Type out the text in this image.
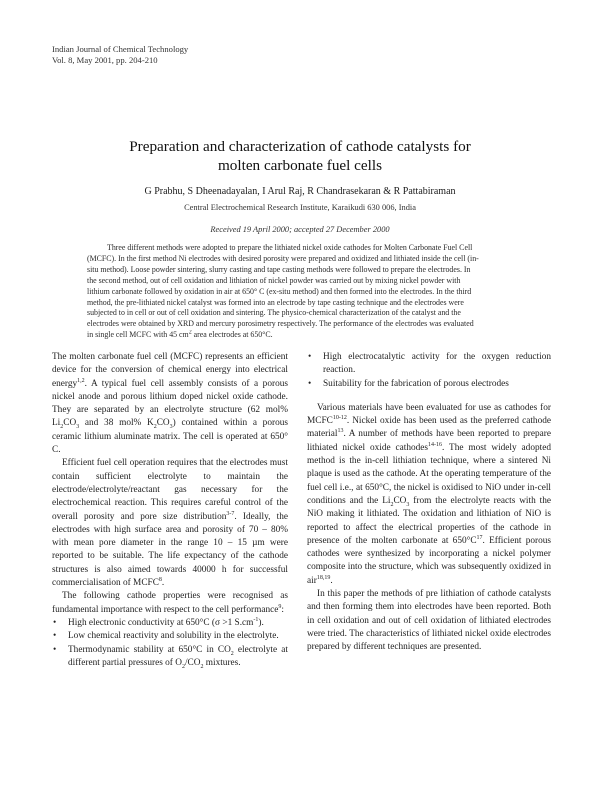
Indian Journal of Chemical Technology
Vol. 8, May 2001, pp. 204-210
Preparation and characterization of cathode catalysts for
molten carbonate fuel cells
G Prabhu, S Dheenadayalan, I Arul Raj, R Chandrasekaran & R Pattabiraman
Central Electrochemical Research Institute, Karaikudi 630 006, India
Received 19 April 2000; accepted 27 December 2000
Three different methods were adopted to prepare the lithiated nickel oxide cathodes for Molten Carbonate Fuel Cell
(MCFC). In the first method Ni electrodes with desired porosity were prepared and oxidized and lithiated inside the cell (in-
situ method). Loose powder sintering, slurry casting and tape casting methods were followed to prepare the electrodes. In
the second method, out of cell oxidation and lithiation of nickel powder was carried out by mixing nickel powder with
lithium carbonate followed by oxidation in air at 650° C (ex-situ method) and then formed into the electrodes. In the third
method, the pre-lithiated nickel catalyst was formed into an electrode by tape casting technique and the electrodes were
subjected to in cell or out of cell oxidation and sintering. The physico-chemical characterization of the catalyst and the
electrodes were obtained by XRD and mercury porosimetry respectively. The performance of the electrodes was evaluated
in single cell MCFC with 45 $cm^2$ area electrodes at 650°C.

The molten carbonate fuel cell (MCFC) represents an efficient device for the conversion of chemical energy into electrical energy$^{1,2}$. A typical fuel cell assembly consists of a porous nickel anode and porous lithium doped nickel oxide cathode. They are separated by an electrolyte structure (62 mol% $Li_2CO_3$ and 38 mol% $K_2CO_3$) contained within a porous ceramic lithium aluminate matrix. The cell is operated at 650° C.

Efficient fuel cell operation requires that the electrodes must contain sufficient electrolyte to maintain the electrode/electrolyte/reactant gas necessary for the electrochemical reaction. This requires careful control of the overall porosity and pore size distribution$^{3-7}$. Ideally, the electrodes with high surface area and porosity of 70 – 80% with mean pore diameter in the range 10 – 15 µm were reported to be suitable. The life expectancy of the cathode structures is also aimed towards 40000 h for successful commercialisation of MCFC$^8$.

The following cathode properties were recognised as fundamental importance with respect to the cell performance$^9$:

• High electronic conductivity at 650°C (σ >1 $S.cm^{-1}$).
• Low chemical reactivity and solubility in the electrolyte.
• Thermodynamic stability at 650°C in $CO_2$ electrolyte at different partial pressures of $O_2/CO_2$ mixtures.
• High electrocatalytic activity for the oxygen reduction reaction.
• Suitability for the fabrication of porous electrodes

Various materials have been evaluated for use as cathodes for MCFC$^{10-12}$. Nickel oxide has been used as the preferred cathode material$^{13}$. A number of methods have been reported to prepare lithiated nickel oxide cathodes$^{14-16}$. The most widely adopted method is the in-cell lithiation technique, where a sintered Ni plaque is used as the cathode. At the operating temperature of the fuel cell i.e., at 650°C, the nickel is oxidised to NiO under in-cell conditions and the $Li_2CO_3$ from the electrolyte reacts with the NiO making it lithiated. The oxidation and lithiation of NiO is reported to affect the electrical properties of the cathode in presence of the molten carbonate at $650^\circ C^{17}$. Efficient porous cathodes were synthesized by incorporating a nickel polymer composite into the structure, which was subsequently oxidized in air$^{18,19}$.

In this paper the methods of pre lithiation of cathode catalysts and then forming them into electrodes have been reported. Both in cell oxidation and out of cell oxidation of lithiated electrodes were tried. The characteristics of lithiated nickel oxide electrodes prepared by different techniques are presented.
